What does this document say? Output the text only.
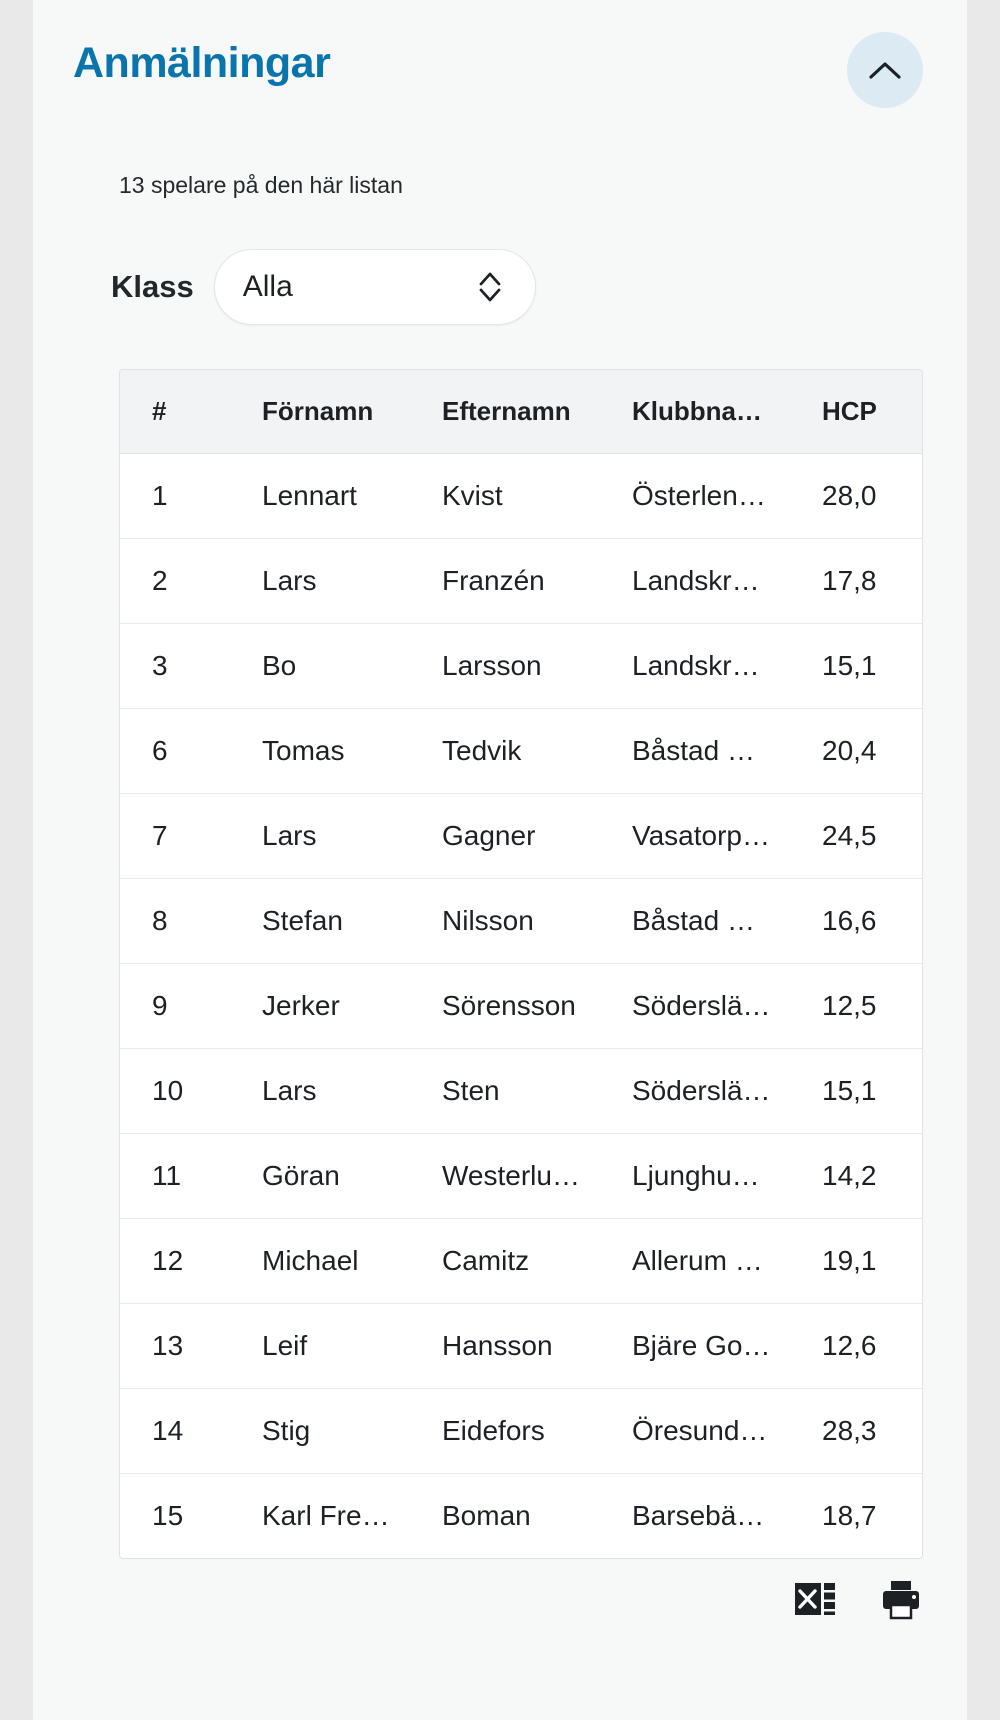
Anmälningar

13 spelare på den här listan

Klass	Alla
#	Förnamn	Efternamn	Klubbna…	HCP
1	Lennart	Kvist	Österlen…	28,0
2	Lars	Franzén	Landskr…	17,8
3	Bo	Larsson	Landskr…	15,1
6	Tomas	Tedvik	Båstad …	20,4
7	Lars	Gagner	Vasatorp…	24,5
8	Stefan	Nilsson	Båstad …	16,6
9	Jerker	Sörensson	Söderslä…	12,5
10	Lars	Sten	Söderslä…	15,1
11	Göran	Westerlu…	Ljunghu…	14,2
12	Michael	Camitz	Allerum …	19,1
13	Leif	Hansson	Bjäre Go…	12,6
14	Stig	Eidefors	Öresund…	28,3
15	Karl Fre…	Boman	Barsebä…	18,7
